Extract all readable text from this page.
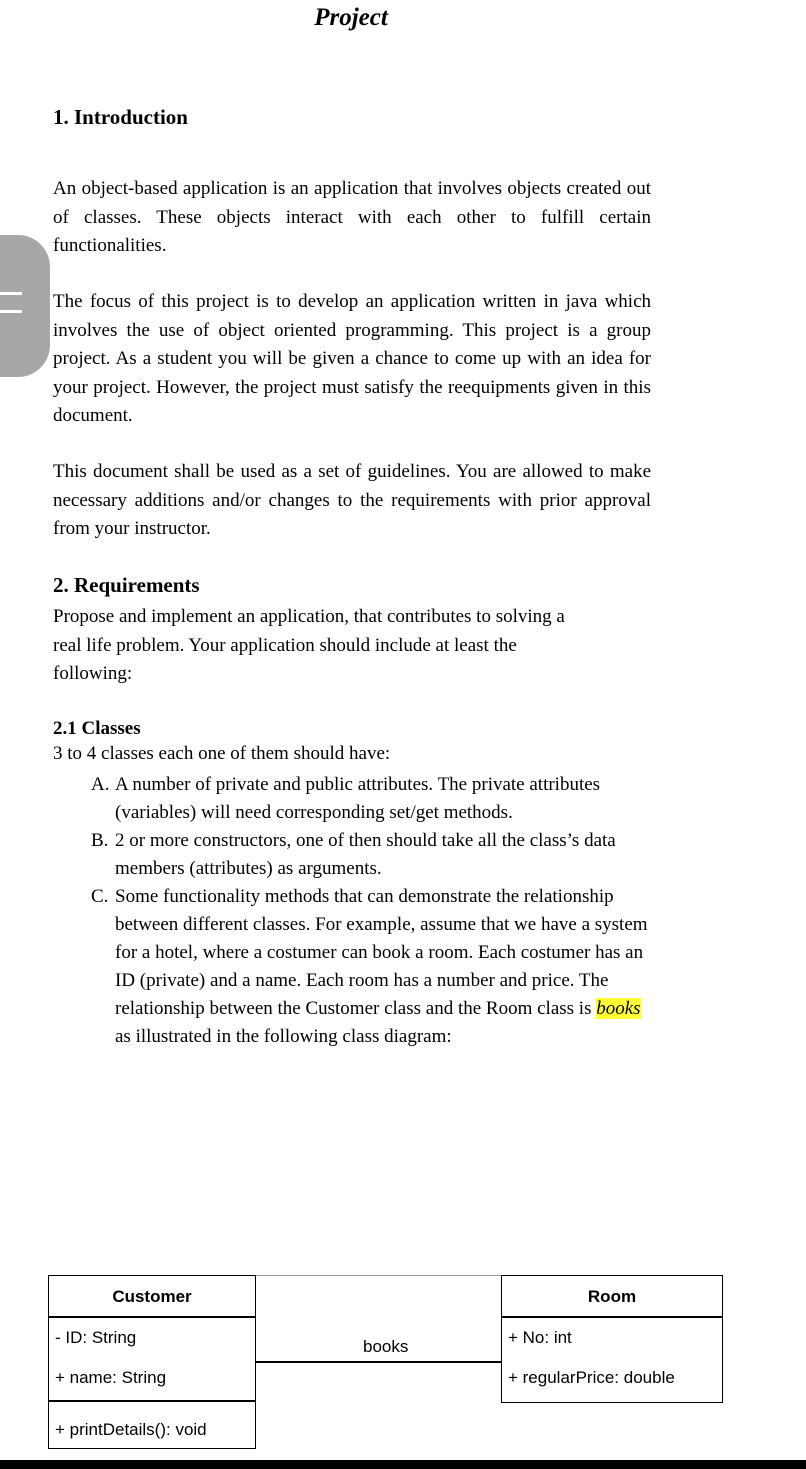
Project
1. Introduction
An object-based application is an application that involves objects created out of classes. These objects interact with each other to fulfill certain functionalities.
The focus of this project is to develop an application written in java which involves the use of object oriented programming. This project is a group project. As a student you will be given a chance to come up with an idea for your project. However, the project must satisfy the reequipments given in this document.
This document shall be used as a set of guidelines. You are allowed to make necessary additions and/or changes to the requirements with prior approval from your instructor.
2. Requirements
Propose and implement an application, that contributes to solving a
real life problem. Your application should include at least the
following:
2.1 Classes
3 to 4 classes each one of them should have:
A. A number of private and public attributes. The private attributes
(variables) will need corresponding set/get methods.
B. 2 or more constructors, one of then should take all the class’s data
members (attributes) as arguments.
C. Some functionality methods that can demonstrate the relationship
between different classes. For example, assume that we have a system
for a hotel, where a costumer can book a room. Each costumer has an
ID (private) and a name. Each room has a number and price. The
relationship between the Customer class and the Room class is books
as illustrated in the following class diagram:
Customer
- ID: String
+ name: String
+ printDetails(): void
books
Room
+ No: int
+ regularPrice: double
